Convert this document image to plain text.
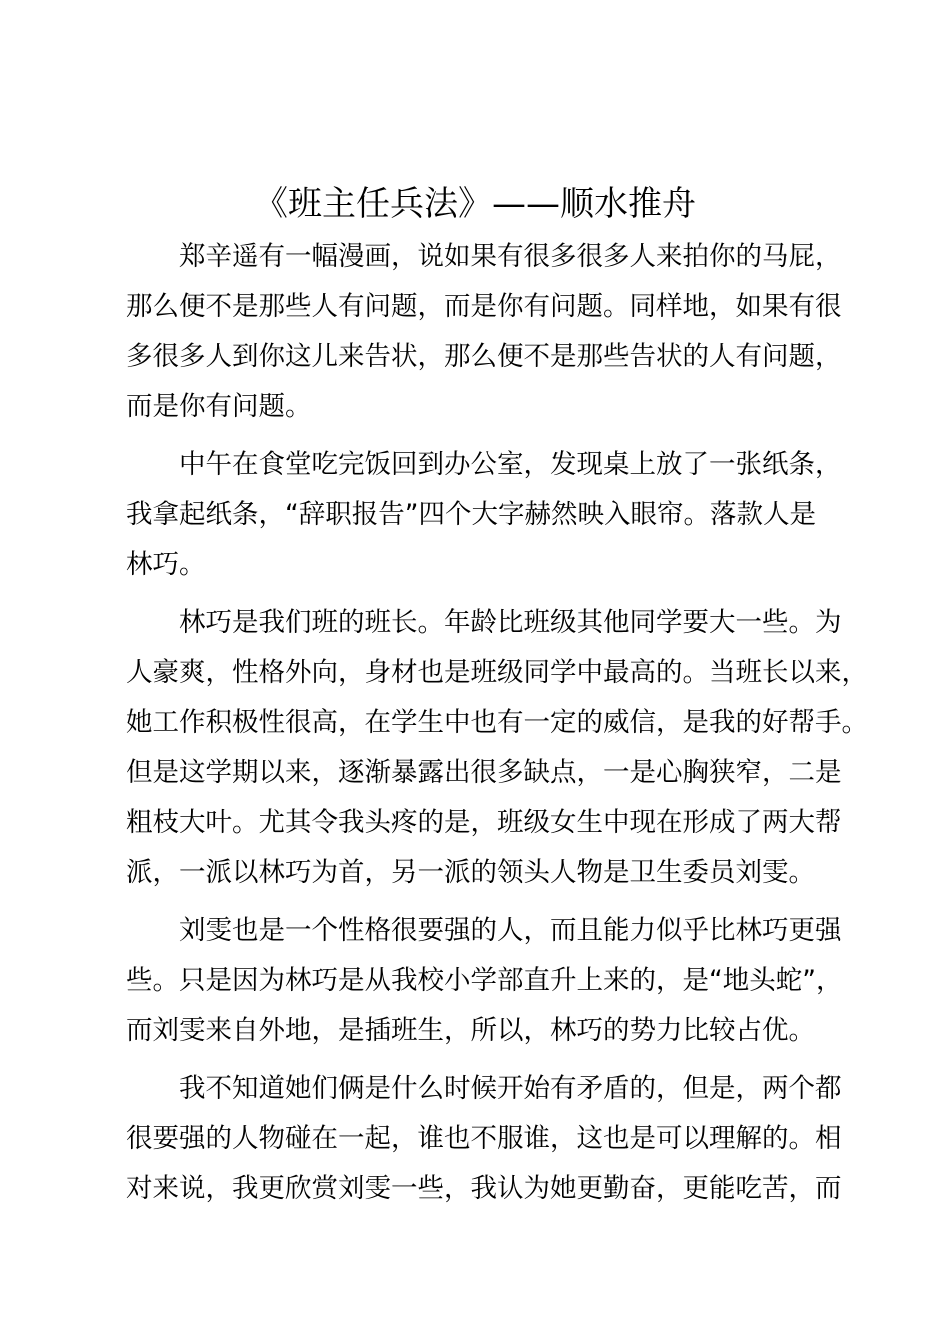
《班主任兵法》——顺水推舟
郑辛遥有一幅漫画，说如果有很多很多人来拍你的马屁，
那么便不是那些人有问题，而是你有问题。同样地，如果有很
多很多人到你这儿来告状，那么便不是那些告状的人有问题，
而是你有问题。
中午在食堂吃完饭回到办公室，发现桌上放了一张纸条，
我拿起纸条，“辞职报告”四个大字赫然映入眼帘。落款人是
林巧。
林巧是我们班的班长。年龄比班级其他同学要大一些。为
人豪爽，性格外向，身材也是班级同学中最高的。当班长以来，
她工作积极性很高，在学生中也有一定的威信，是我的好帮手。
但是这学期以来，逐渐暴露出很多缺点，一是心胸狭窄，二是
粗枝大叶。尤其令我头疼的是，班级女生中现在形成了两大帮
派，一派以林巧为首，另一派的领头人物是卫生委员刘雯。
刘雯也是一个性格很要强的人，而且能力似乎比林巧更强
些。只是因为林巧是从我校小学部直升上来的，是“地头蛇”，
而刘雯来自外地，是插班生，所以，林巧的势力比较占优。
我不知道她们俩是什么时候开始有矛盾的，但是，两个都
很要强的人物碰在一起，谁也不服谁，这也是可以理解的。相
对来说，我更欣赏刘雯一些，我认为她更勤奋，更能吃苦，而
